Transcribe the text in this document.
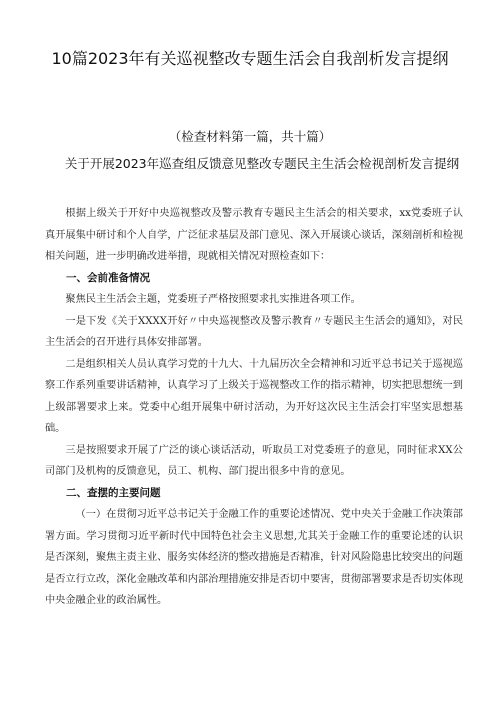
10篇2023年有关巡视整改专题生活会自我剖析发言提纲
（检查材料第一篇，共十篇）
关于开展2023年巡查组反馈意见整改专题民主生活会检视剖析发言提纲

根据上级关于开好中央巡视整改及警示教育专题民主生活会的相关要求，xx党委班子认真开展集中研讨和个人自学，广泛征求基层及部门意见、深入开展谈心谈话，深刻剖析和检视相关问题，进一步明确改进举措，现就相关情况对照检查如下：

一、会前准备情况

聚焦民主生活会主题，党委班子严格按照要求扎实推进各项工作。

一是下发《关于XXXX开好〃中央巡视整改及警示教育〃专题民主生活会的通知》，对民主生活会的召开进行具体安排部署。

二是组织相关人员认真学习党的十九大、十九届历次全会精神和习近平总书记关于巡视巡察工作系列重要讲话精神，认真学习了上级关于巡视整改工作的指示精神，切实把思想统一到上级部署要求上来。党委中心组开展集中研讨活动，为开好这次民主生活会打牢坚实思想基础。

三是按照要求开展了广泛的谈心谈话活动，听取员工对党委班子的意见，同时征求XX公司部门及机构的反馈意见，员工、机构、部门提出很多中肯的意见。

二、查摆的主要问题

（一）在贯彻习近平总书记关于金融工作的重要论述情况、党中央关于金融工作决策部署方面。学习贯彻习近平新时代中国特色社会主义思想,尤其关于金融工作的重要论述的认识是否深刻，聚焦主责主业、服务实体经济的整改措施是否精准，针对风险隐患比较突出的问题是否立行立改，深化金融改革和内部治理措施安排是否切中要害，贯彻部署要求是否切实体现中央金融企业的政治属性。
